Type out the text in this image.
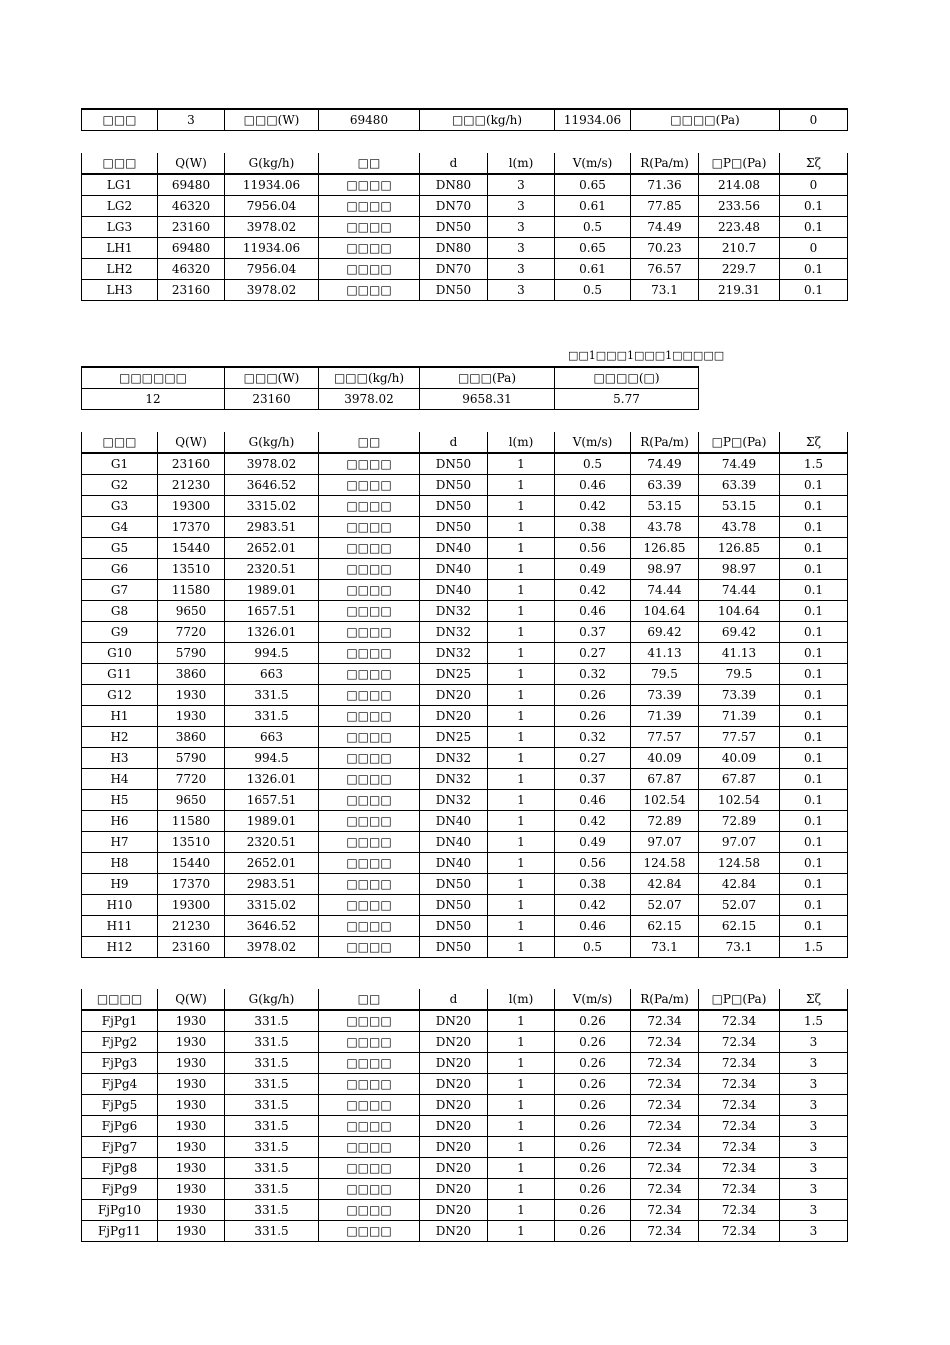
□□□	3	□□□(W)	69480	□□□(kg/h)	11934.06	□□□□(Pa)	0
□□□	Q(W)	G(kg/h)	□□	d	l(m)	V(m/s)	R(Pa/m)	□P□(Pa)	Σζ
LG1	69480	11934.06	□□□□	DN80	3	0.65	71.36	214.08	0
LG2	46320	7956.04	□□□□	DN70	3	0.61	77.85	233.56	0.1
LG3	23160	3978.02	□□□□	DN50	3	0.5	74.49	223.48	0.1
LH1	69480	11934.06	□□□□	DN80	3	0.65	70.23	210.7	0
LH2	46320	7956.04	□□□□	DN70	3	0.61	76.57	229.7	0.1
LH3	23160	3978.02	□□□□	DN50	3	0.5	73.1	219.31	0.1
□□1□□□1□□□1□□□□□
□□□□□□	□□□(W)	□□□(kg/h)	□□□(Pa)	□□□□(□)
12	23160	3978.02	9658.31	5.77
□□□	Q(W)	G(kg/h)	□□	d	l(m)	V(m/s)	R(Pa/m)	□P□(Pa)	Σζ
G1	23160	3978.02	□□□□	DN50	1	0.5	74.49	74.49	1.5
G2	21230	3646.52	□□□□	DN50	1	0.46	63.39	63.39	0.1
G3	19300	3315.02	□□□□	DN50	1	0.42	53.15	53.15	0.1
G4	17370	2983.51	□□□□	DN50	1	0.38	43.78	43.78	0.1
G5	15440	2652.01	□□□□	DN40	1	0.56	126.85	126.85	0.1
G6	13510	2320.51	□□□□	DN40	1	0.49	98.97	98.97	0.1
G7	11580	1989.01	□□□□	DN40	1	0.42	74.44	74.44	0.1
G8	9650	1657.51	□□□□	DN32	1	0.46	104.64	104.64	0.1
G9	7720	1326.01	□□□□	DN32	1	0.37	69.42	69.42	0.1
G10	5790	994.5	□□□□	DN32	1	0.27	41.13	41.13	0.1
G11	3860	663	□□□□	DN25	1	0.32	79.5	79.5	0.1
G12	1930	331.5	□□□□	DN20	1	0.26	73.39	73.39	0.1
H1	1930	331.5	□□□□	DN20	1	0.26	71.39	71.39	0.1
H2	3860	663	□□□□	DN25	1	0.32	77.57	77.57	0.1
H3	5790	994.5	□□□□	DN32	1	0.27	40.09	40.09	0.1
H4	7720	1326.01	□□□□	DN32	1	0.37	67.87	67.87	0.1
H5	9650	1657.51	□□□□	DN32	1	0.46	102.54	102.54	0.1
H6	11580	1989.01	□□□□	DN40	1	0.42	72.89	72.89	0.1
H7	13510	2320.51	□□□□	DN40	1	0.49	97.07	97.07	0.1
H8	15440	2652.01	□□□□	DN40	1	0.56	124.58	124.58	0.1
H9	17370	2983.51	□□□□	DN50	1	0.38	42.84	42.84	0.1
H10	19300	3315.02	□□□□	DN50	1	0.42	52.07	52.07	0.1
H11	21230	3646.52	□□□□	DN50	1	0.46	62.15	62.15	0.1
H12	23160	3978.02	□□□□	DN50	1	0.5	73.1	73.1	1.5
□□□□	Q(W)	G(kg/h)	□□	d	l(m)	V(m/s)	R(Pa/m)	□P□(Pa)	Σζ
FjPg1	1930	331.5	□□□□	DN20	1	0.26	72.34	72.34	1.5
FjPg2	1930	331.5	□□□□	DN20	1	0.26	72.34	72.34	3
FjPg3	1930	331.5	□□□□	DN20	1	0.26	72.34	72.34	3
FjPg4	1930	331.5	□□□□	DN20	1	0.26	72.34	72.34	3
FjPg5	1930	331.5	□□□□	DN20	1	0.26	72.34	72.34	3
FjPg6	1930	331.5	□□□□	DN20	1	0.26	72.34	72.34	3
FjPg7	1930	331.5	□□□□	DN20	1	0.26	72.34	72.34	3
FjPg8	1930	331.5	□□□□	DN20	1	0.26	72.34	72.34	3
FjPg9	1930	331.5	□□□□	DN20	1	0.26	72.34	72.34	3
FjPg10	1930	331.5	□□□□	DN20	1	0.26	72.34	72.34	3
FjPg11	1930	331.5	□□□□	DN20	1	0.26	72.34	72.34	3
